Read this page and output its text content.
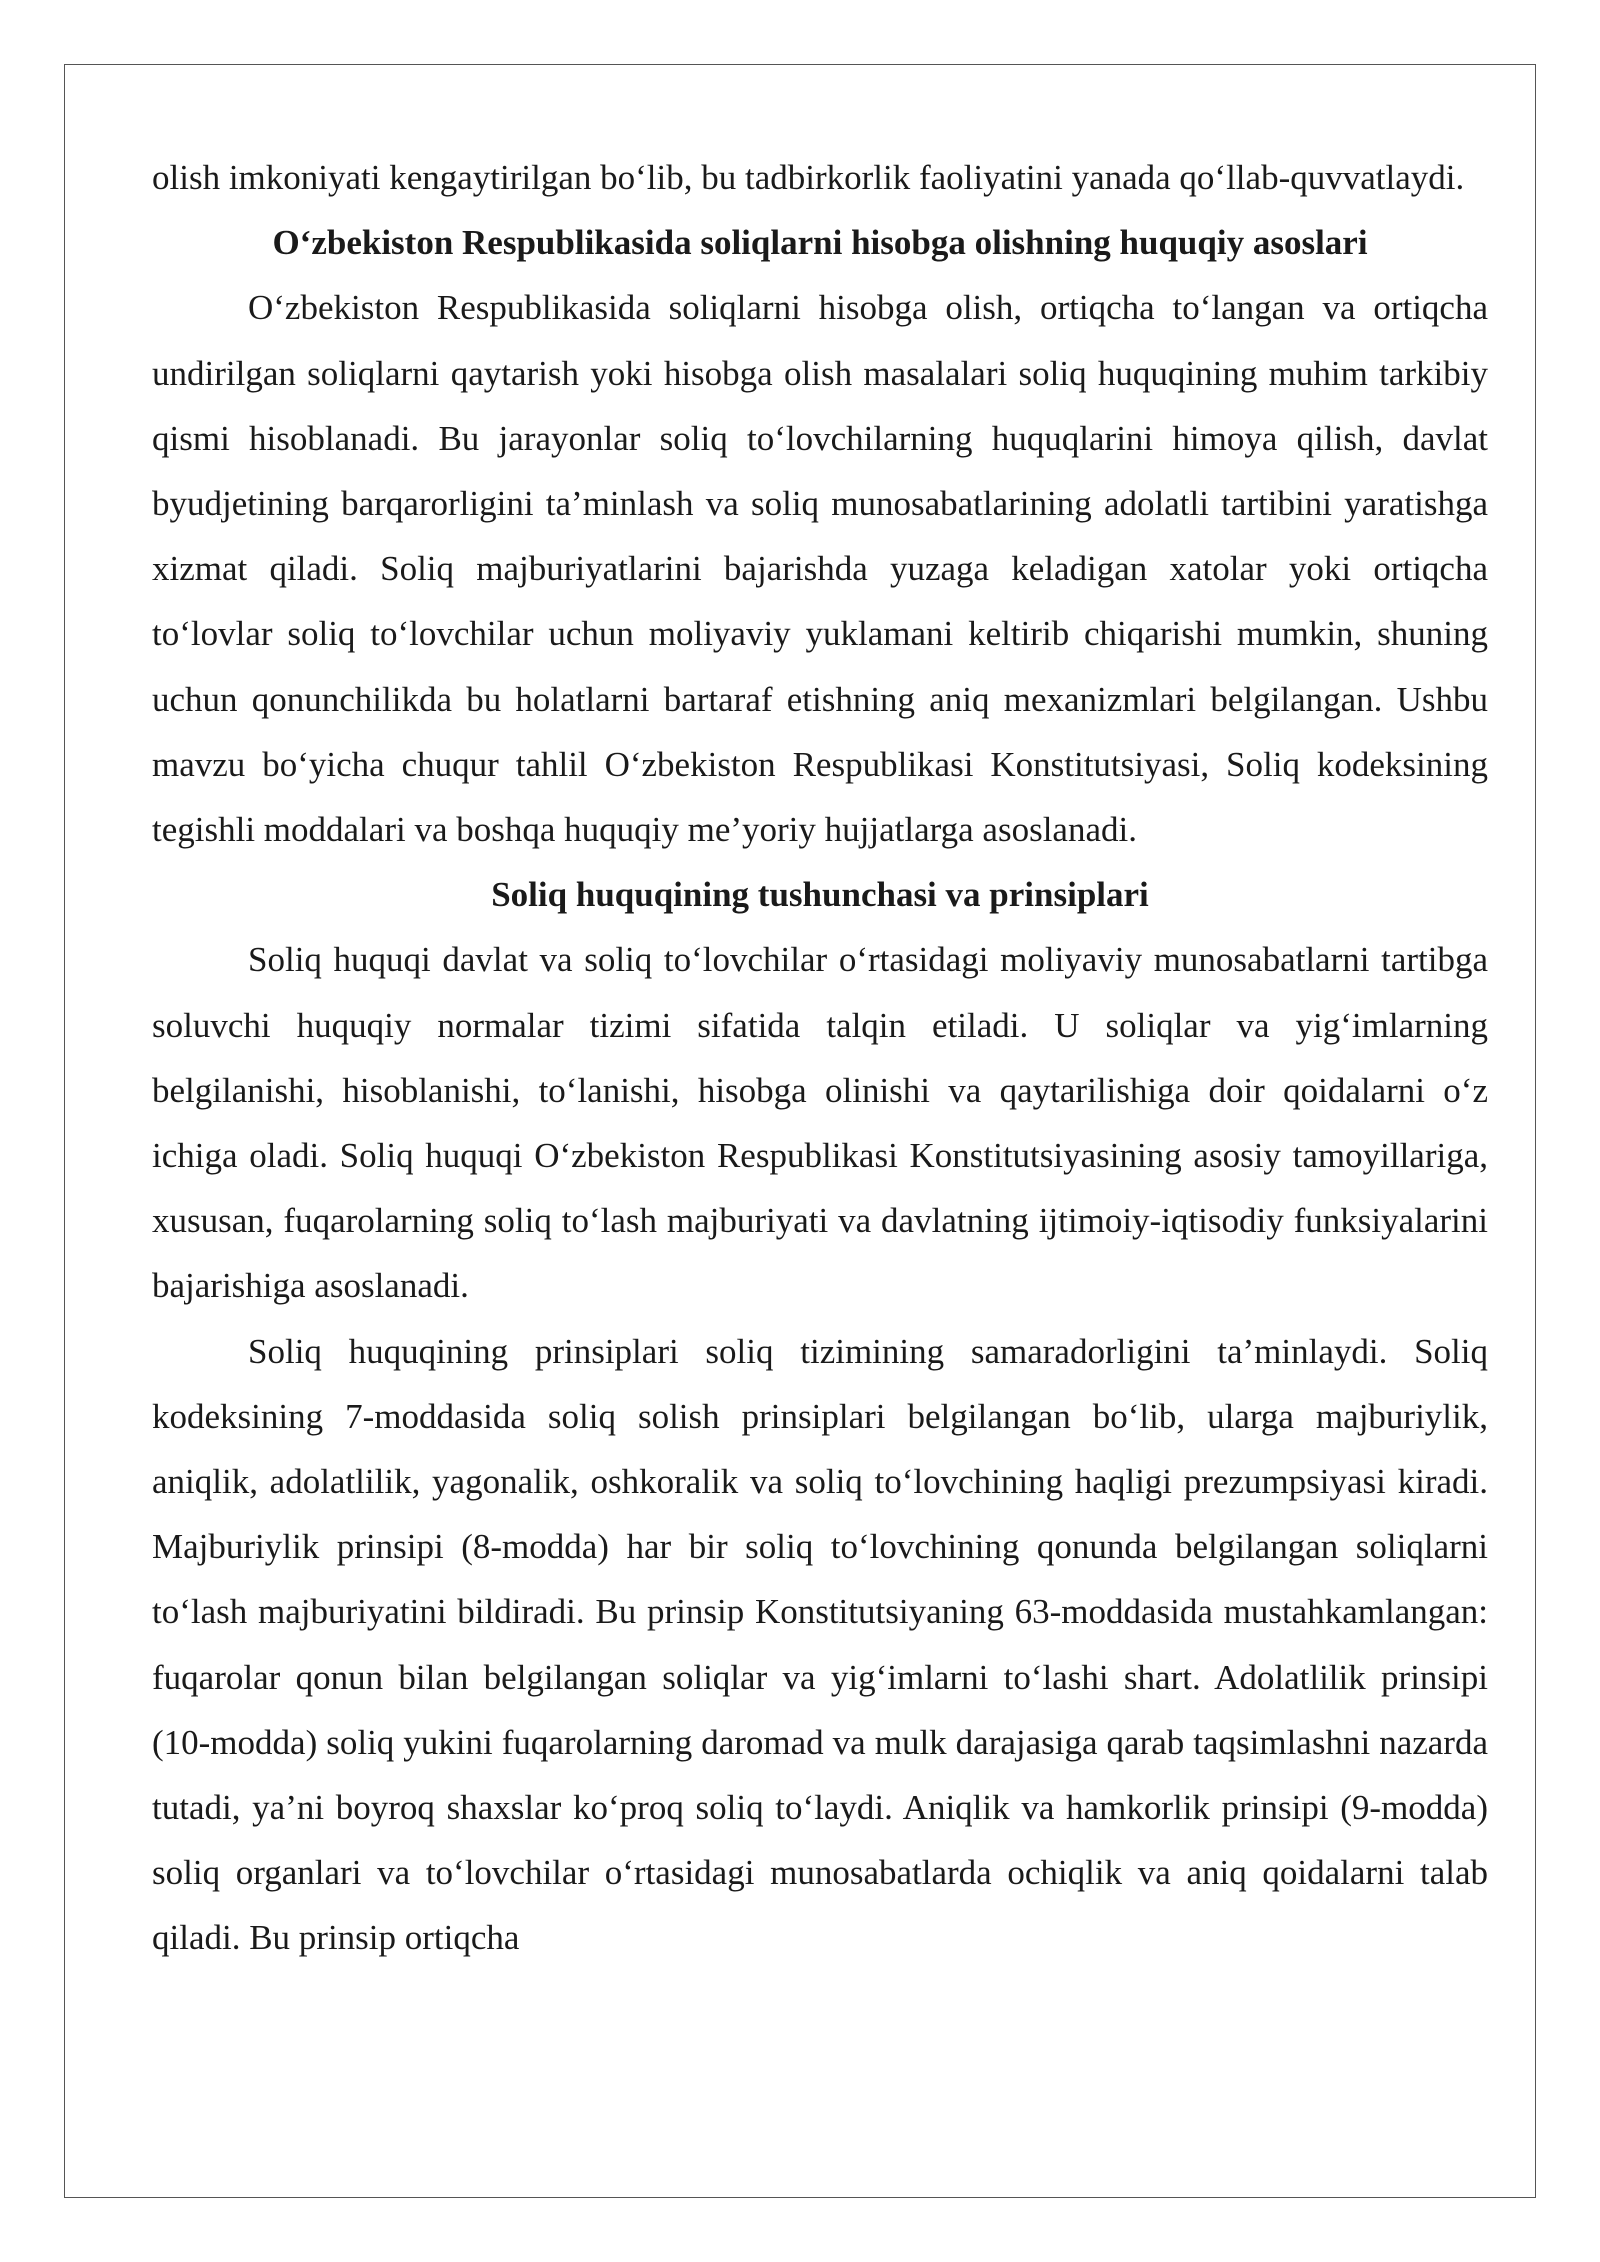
olish imkoniyati kengaytirilgan bo‘lib, bu tadbirkorlik faoliyatini yanada qo‘llab-quvvatlaydi.

O‘zbekiston Respublikasida soliqlarni hisobga olishning huquqiy asoslari

O‘zbekiston Respublikasida soliqlarni hisobga olish, ortiqcha to‘langan va ortiqcha undirilgan soliqlarni qaytarish yoki hisobga olish masalalari soliq huquqining muhim tarkibiy qismi hisoblanadi. Bu jarayonlar soliq to‘lovchilarning huquqlarini himoya qilish, davlat byudjetining barqarorligini ta’minlash va soliq munosabatlarining adolatli tartibini yaratishga xizmat qiladi. Soliq majburiyatlarini bajarishda yuzaga keladigan xatolar yoki ortiqcha to‘lovlar soliq to‘lovchilar uchun moliyaviy yuklamani keltirib chiqarishi mumkin, shuning uchun qonunchilikda bu holatlarni bartaraf etishning aniq mexanizmlari belgilangan. Ushbu mavzu bo‘yicha chuqur tahlil O‘zbekiston Respublikasi Konstitutsiyasi, Soliq kodeksining tegishli moddalari va boshqa huquqiy me’yoriy hujjatlarga asoslanadi.

Soliq huquqining tushunchasi va prinsiplari

Soliq huquqi davlat va soliq to‘lovchilar o‘rtasidagi moliyaviy munosabatlarni tartibga soluvchi huquqiy normalar tizimi sifatida talqin etiladi. U soliqlar va yig‘imlarning belgilanishi, hisoblanishi, to‘lanishi, hisobga olinishi va qaytarilishiga doir qoidalarni o‘z ichiga oladi. Soliq huquqi O‘zbekiston Respublikasi Konstitutsiyasining asosiy tamoyillariga, xususan, fuqarolarning soliq to‘lash majburiyati va davlatning ijtimoiy-iqtisodiy funksiyalarini bajarishiga asoslanadi.

Soliq huquqining prinsiplari soliq tizimining samaradorligini ta’minlaydi. Soliq kodeksining 7-moddasida soliq solish prinsiplari belgilangan bo‘lib, ularga majburiylik, aniqlik, adolatlilik, yagonalik, oshkoralik va soliq to‘lovchining haqligi prezumpsiyasi kiradi. Majburiylik prinsipi (8-modda) har bir soliq to‘lovchining qonunda belgilangan soliqlarni to‘lash majburiyatini bildiradi. Bu prinsip Konstitutsiyaning 63-moddasida mustahkamlangan: fuqarolar qonun bilan belgilangan soliqlar va yig‘imlarni to‘lashi shart. Adolatlilik prinsipi (10-modda) soliq yukini fuqarolarning daromad va mulk darajasiga qarab taqsimlashni nazarda tutadi, ya’ni boyroq shaxslar ko‘proq soliq to‘laydi. Aniqlik va hamkorlik prinsipi (9-modda) soliq organlari va to‘lovchilar o‘rtasidagi munosabatlarda ochiqlik va aniq qoidalarni talab qiladi. Bu prinsip ortiqcha
